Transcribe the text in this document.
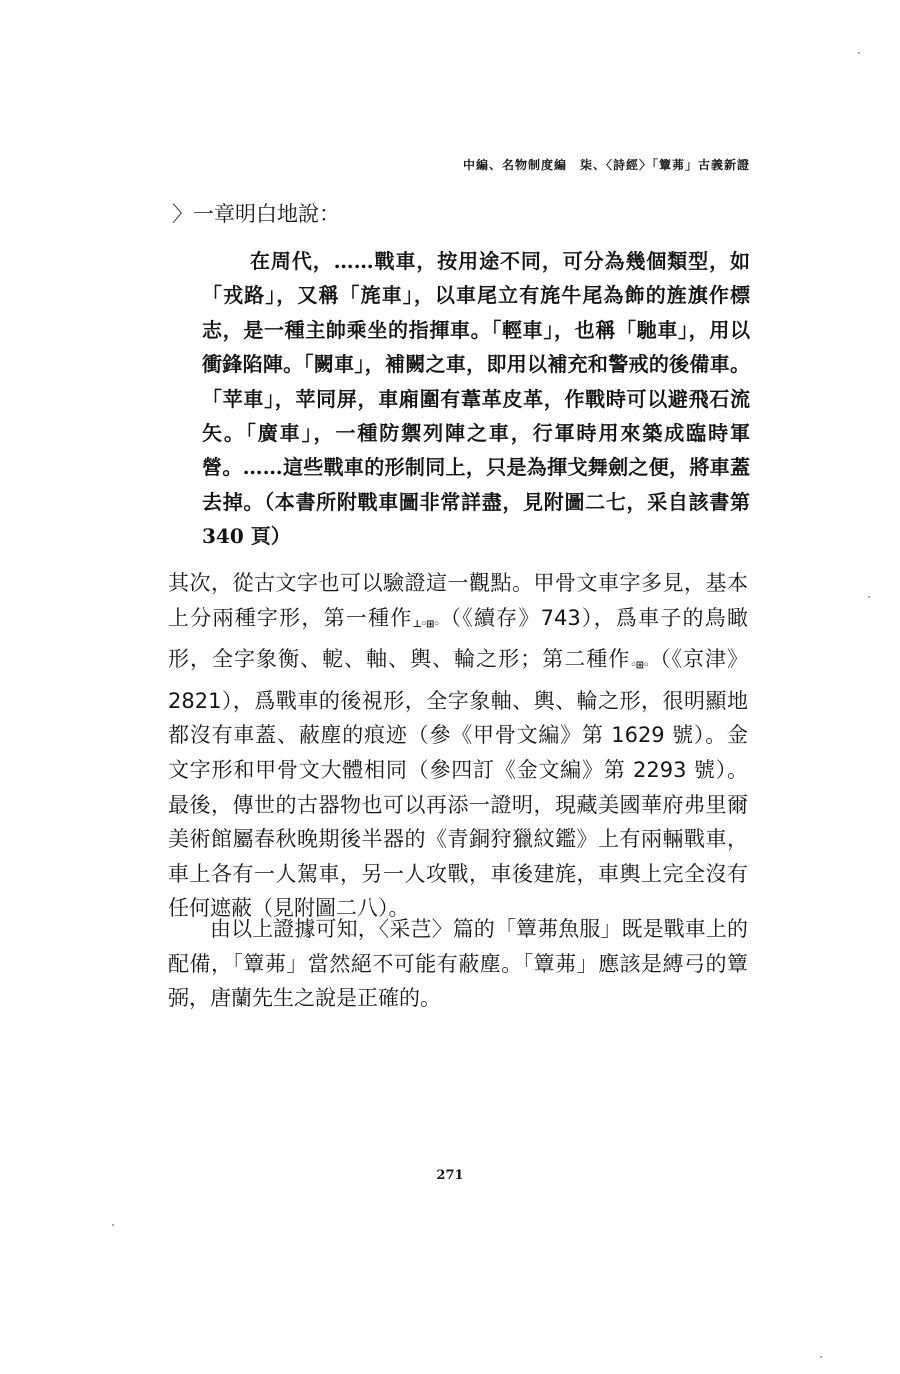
中編、名物制度編　柒、〈詩經〉「簟茀」古義新證
〉一章明白地說：
在周代，……戰車，按用途不同，可分為幾個類型，如「戎路」，又稱「旄車」，以車尾立有旄牛尾為飾的旌旗作標志，是一種主帥乘坐的指揮車。「輕車」，也稱「馳車」，用以衝鋒陷陣。「闕車」，補闕之車，即用以補充和警戒的後備車。「苹車」，苹同屏，車廂圍有葦革皮革，作戰時可以避飛石流矢。「廣車」，一種防禦列陣之車，行軍時用來築成臨時軍營。……這些戰車的形制同上，只是為揮戈舞劍之便，將車蓋去掉。（本書所附戰車圖非常詳盡，見附圖二七，采自該書第 340 頁）
其次，從古文字也可以驗證這一觀點。甲骨文車字多見，基本上分兩種字形，第一種作⊥◦⊞◦（《續存》743），爲車子的鳥瞰形，全字象衡、軶、軸、輿、輪之形；第二種作◦⊞◦（《京津》2821），爲戰車的後視形，全字象軸、輿、輪之形，很明顯地都沒有車蓋、蔽塵的痕迹（參《甲骨文編》第 1629 號）。金文字形和甲骨文大體相同（參四訂《金文編》第 2293 號）。最後，傳世的古器物也可以再添一證明，現藏美國華府弗里爾美術館屬春秋晚期後半器的《青銅狩獵紋鑑》上有兩輛戰車，車上各有一人駕車，另一人攻戰，車後建旄，車輿上完全沒有任何遮蔽（見附圖二八）。
由以上證據可知，〈采芑〉篇的「簟茀魚服」既是戰車上的配備，「簟茀」當然絕不可能有蔽塵。「簟茀」應該是縛弓的簟弼，唐蘭先生之說是正確的。
271
